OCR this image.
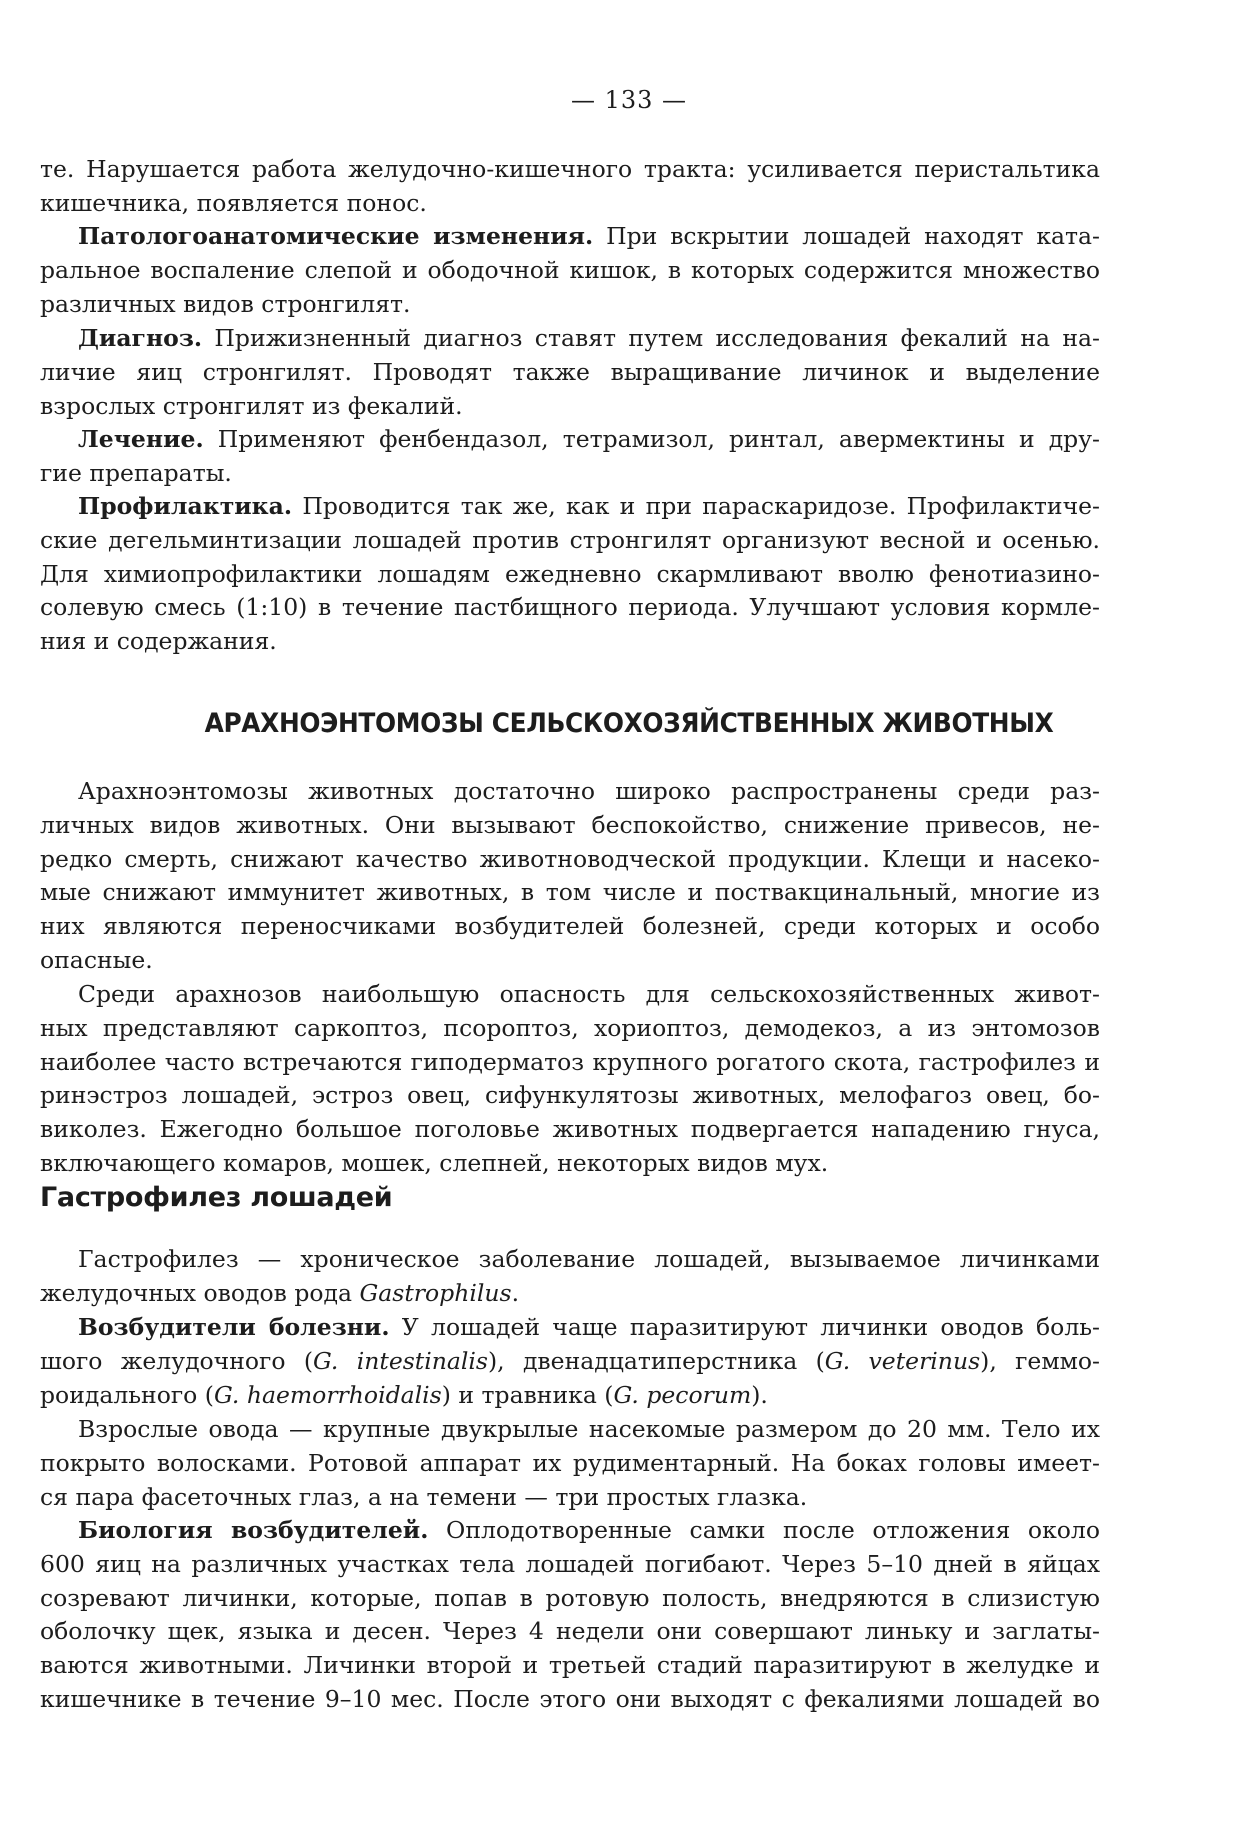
— 133 —
те. Нарушается работа желудочно-кишечного тракта: усиливается перистальтика
кишечника, появляется понос.
Патологоанатомические изменения. При вскрытии лошадей находят ката-
ральное воспаление слепой и ободочной кишок, в которых содержится множество
различных видов стронгилят.
Диагноз. Прижизненный диагноз ставят путем исследования фекалий на на-
личие яиц стронгилят. Проводят также выращивание личинок и выделение
взрослых стронгилят из фекалий.
Лечение. Применяют фенбендазол, тетрамизол, ринтал, авермектины и дру-
гие препараты.
Профилактика. Проводится так же, как и при параскаридозе. Профилактиче-
ские дегельминтизации лошадей против стронгилят организуют весной и осенью.
Для химиопрофилактики лошадям ежедневно скармливают вволю фенотиазино-
солевую смесь (1:10) в течение пастбищного периода. Улучшают условия кормле-
ния и содержания.
АРАХНОЭНТОМОЗЫ СЕЛЬСКОХОЗЯЙСТВЕННЫХ ЖИВОТНЫХ
Арахноэнтомозы животных достаточно широко распространены среди раз-
личных видов животных. Они вызывают беспокойство, снижение привесов, не-
редко смерть, снижают качество животноводческой продукции. Клещи и насеко-
мые снижают иммунитет животных, в том числе и поствакцинальный, многие из
них являются переносчиками возбудителей болезней, среди которых и особо
опасные.
Среди арахнозов наибольшую опасность для сельскохозяйственных живот-
ных представляют саркоптоз, псороптоз, хориоптоз, демодекоз, а из энтомозов
наиболее часто встречаются гиподерматоз крупного рогатого скота, гастрофилез и
ринэстроз лошадей, эстроз овец, сифункулятозы животных, мелофагоз овец, бо-
виколез. Ежегодно большое поголовье животных подвергается нападению гнуса,
включающего комаров, мошек, слепней, некоторых видов мух.
Гастрофилез лошадей
Гастрофилез — хроническое заболевание лошадей, вызываемое личинками
желудочных оводов рода Gastrophilus.
Возбудители болезни. У лошадей чаще паразитируют личинки оводов боль-
шого желудочного (G. intestinalis), двенадцатиперстника (G. veterinus), геммо-
роидального (G. haemorrhoidalis) и травника (G. pecorum).
Взрослые овода — крупные двукрылые насекомые размером до 20 мм. Тело их
покрыто волосками. Ротовой аппарат их рудиментарный. На боках головы имеет-
ся пара фасеточных глаз, а на темени — три простых глазка.
Биология возбудителей. Оплодотворенные самки после отложения около
600 яиц на различных участках тела лошадей погибают. Через 5–10 дней в яйцах
созревают личинки, которые, попав в ротовую полость, внедряются в слизистую
оболочку щек, языка и десен. Через 4 недели они совершают линьку и заглаты-
ваются животными. Личинки второй и третьей стадий паразитируют в желудке и
кишечнике в течение 9–10 мес. После этого они выходят с фекалиями лошадей во
